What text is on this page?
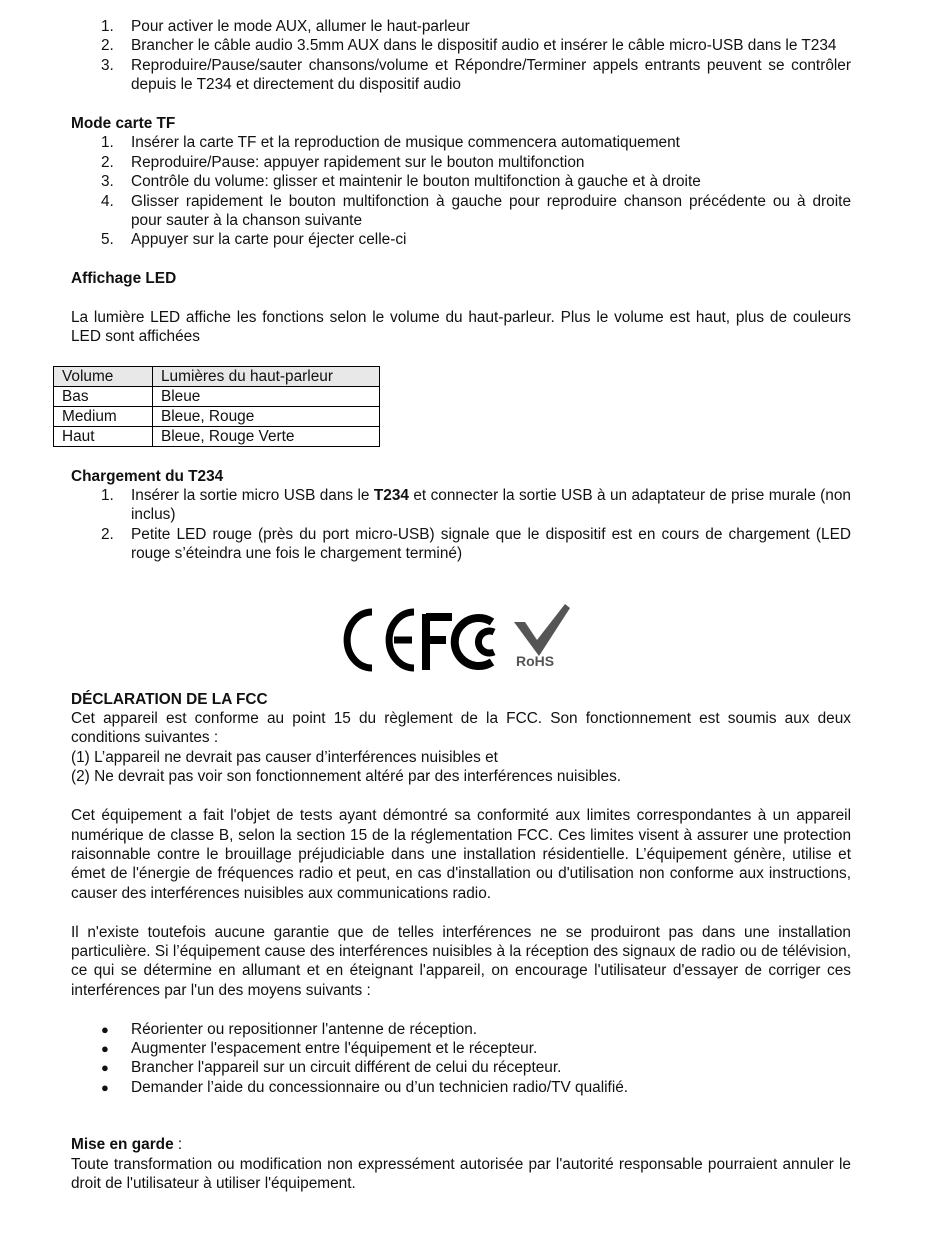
1. Pour activer le mode AUX, allumer le haut-parleur
2. Brancher le câble audio 3.5mm AUX dans le dispositif audio et insérer le câble micro-USB dans le T234
3. Reproduire/Pause/sauter chansons/volume et Répondre/Terminer appels entrants peuvent se contrôler depuis le T234 et directement du dispositif audio
Mode carte TF
1. Insérer la carte TF et la reproduction de musique commencera automatiquement
2. Reproduire/Pause: appuyer rapidement sur le bouton multifonction
3. Contrôle du volume: glisser et maintenir le bouton multifonction à gauche et à droite
4. Glisser rapidement le bouton multifonction à gauche pour reproduire chanson précédente ou à droite pour sauter à la chanson suivante
5. Appuyer sur la carte pour éjecter celle-ci
Affichage LED

La lumière LED affiche les fonctions selon le volume du haut-parleur. Plus le volume est haut, plus de couleurs LED sont affichées

Volume	Lumières du haut-parleur
Bas	Bleue
Medium	Bleue, Rouge
Haut	Bleue, Rouge Verte
Chargement du T234
1. Insérer la sortie micro USB dans le T234 et connecter la sortie USB à un adaptateur de prise murale (non inclus)
2. Petite LED rouge (près du port micro-USB) signale que le dispositif est en cours de chargement (LED rouge s’éteindra une fois le chargement terminé)
DÉCLARATION DE LA FCC

Cet appareil est conforme au point 15 du règlement de la FCC. Son fonctionnement est soumis aux deux conditions suivantes :

(1) L’appareil ne devrait pas causer d’interférences nuisibles et

(2) Ne devrait pas voir son fonctionnement altéré par des interférences nuisibles.

Cet équipement a fait l'objet de tests ayant démontré sa conformité aux limites correspondantes à un appareil numérique de classe B, selon la section 15 de la réglementation FCC. Ces limites visent à assurer une protection raisonnable contre le brouillage préjudiciable dans une installation résidentielle. L’équipement génère, utilise et émet de l'énergie de fréquences radio et peut, en cas d'installation ou d'utilisation non conforme aux instructions, causer des interférences nuisibles aux communications radio.

Il n'existe toutefois aucune garantie que de telles interférences ne se produiront pas dans une installation particulière. Si l’équipement cause des interférences nuisibles à la réception des signaux de radio ou de télévision, ce qui se détermine en allumant et en éteignant l'appareil, on encourage l'utilisateur d'essayer de corriger ces interférences par l'un des moyens suivants :

● Réorienter ou repositionner l'antenne de réception.
● Augmenter l'espacement entre l'équipement et le récepteur.
● Brancher l'appareil sur un circuit différent de celui du récepteur.
● Demander l’aide du concessionnaire ou d’un technicien radio/TV qualifié.
Mise en garde :

Toute transformation ou modification non expressément autorisée par l'autorité responsable pourraient annuler le droit de l'utilisateur à utiliser l'équipement.

RoHS
